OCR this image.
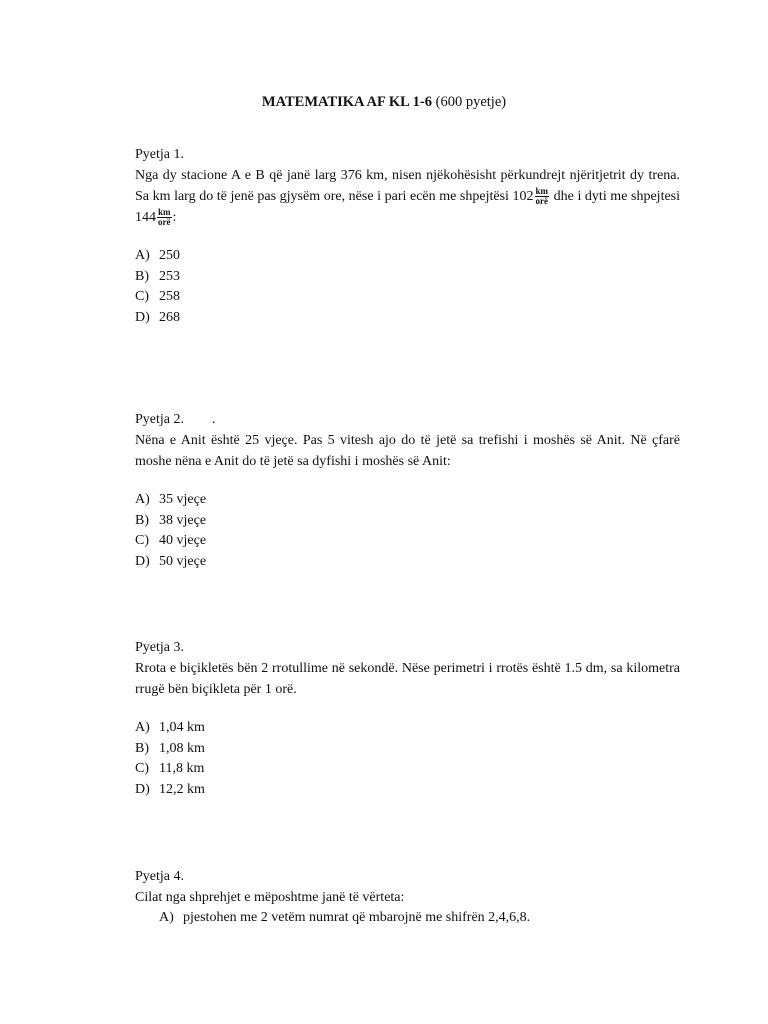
MATEMATIKA AF KL 1-6 (600 pyetje)
Pyetja 1.

Nga dy stacione A e B që janë larg 376 km, nisen njëkohësisht përkundrejt njëritjetrit dy trena. Sa km larg do të jenë pas gjysëm ore, nëse i pari ecën me shpejtësi $102 \frac{km}{\text{orë}}$ dhe i dyti me shpejtesi $144 \frac{km}{\text{orë}}$ :

A) 250
B) 253
C) 258
D) 268
Pyetja 2. .

Nëna e Anit është 25 vjeçe. Pas 5 vitesh ajo do të jetë sa trefishi i moshës së Anit. Në çfarë moshe nëna e Anit do të jetë sa dyfishi i moshës së Anit:

A) 35 vjeçe
B) 38 vjeçe
C) 40 vjeçe
D) 50 vjeçe
Pyetja 3.

Rrota e biçikletës bën 2 rrotullime në sekondë. Nëse perimetri i rrotës është 1.5 dm, sa kilometra rrugë bën biçikleta për 1 orë.

A) 1,04 km
B) 1,08 km
C) 11,8 km
D) 12,2 km
Pyetja 4.

Cilat nga shprehjet e mëposhtme janë të vërteta:

A) pjestohen me 2 vetëm numrat që mbarojnë me shifrën 2,4,6,8.
